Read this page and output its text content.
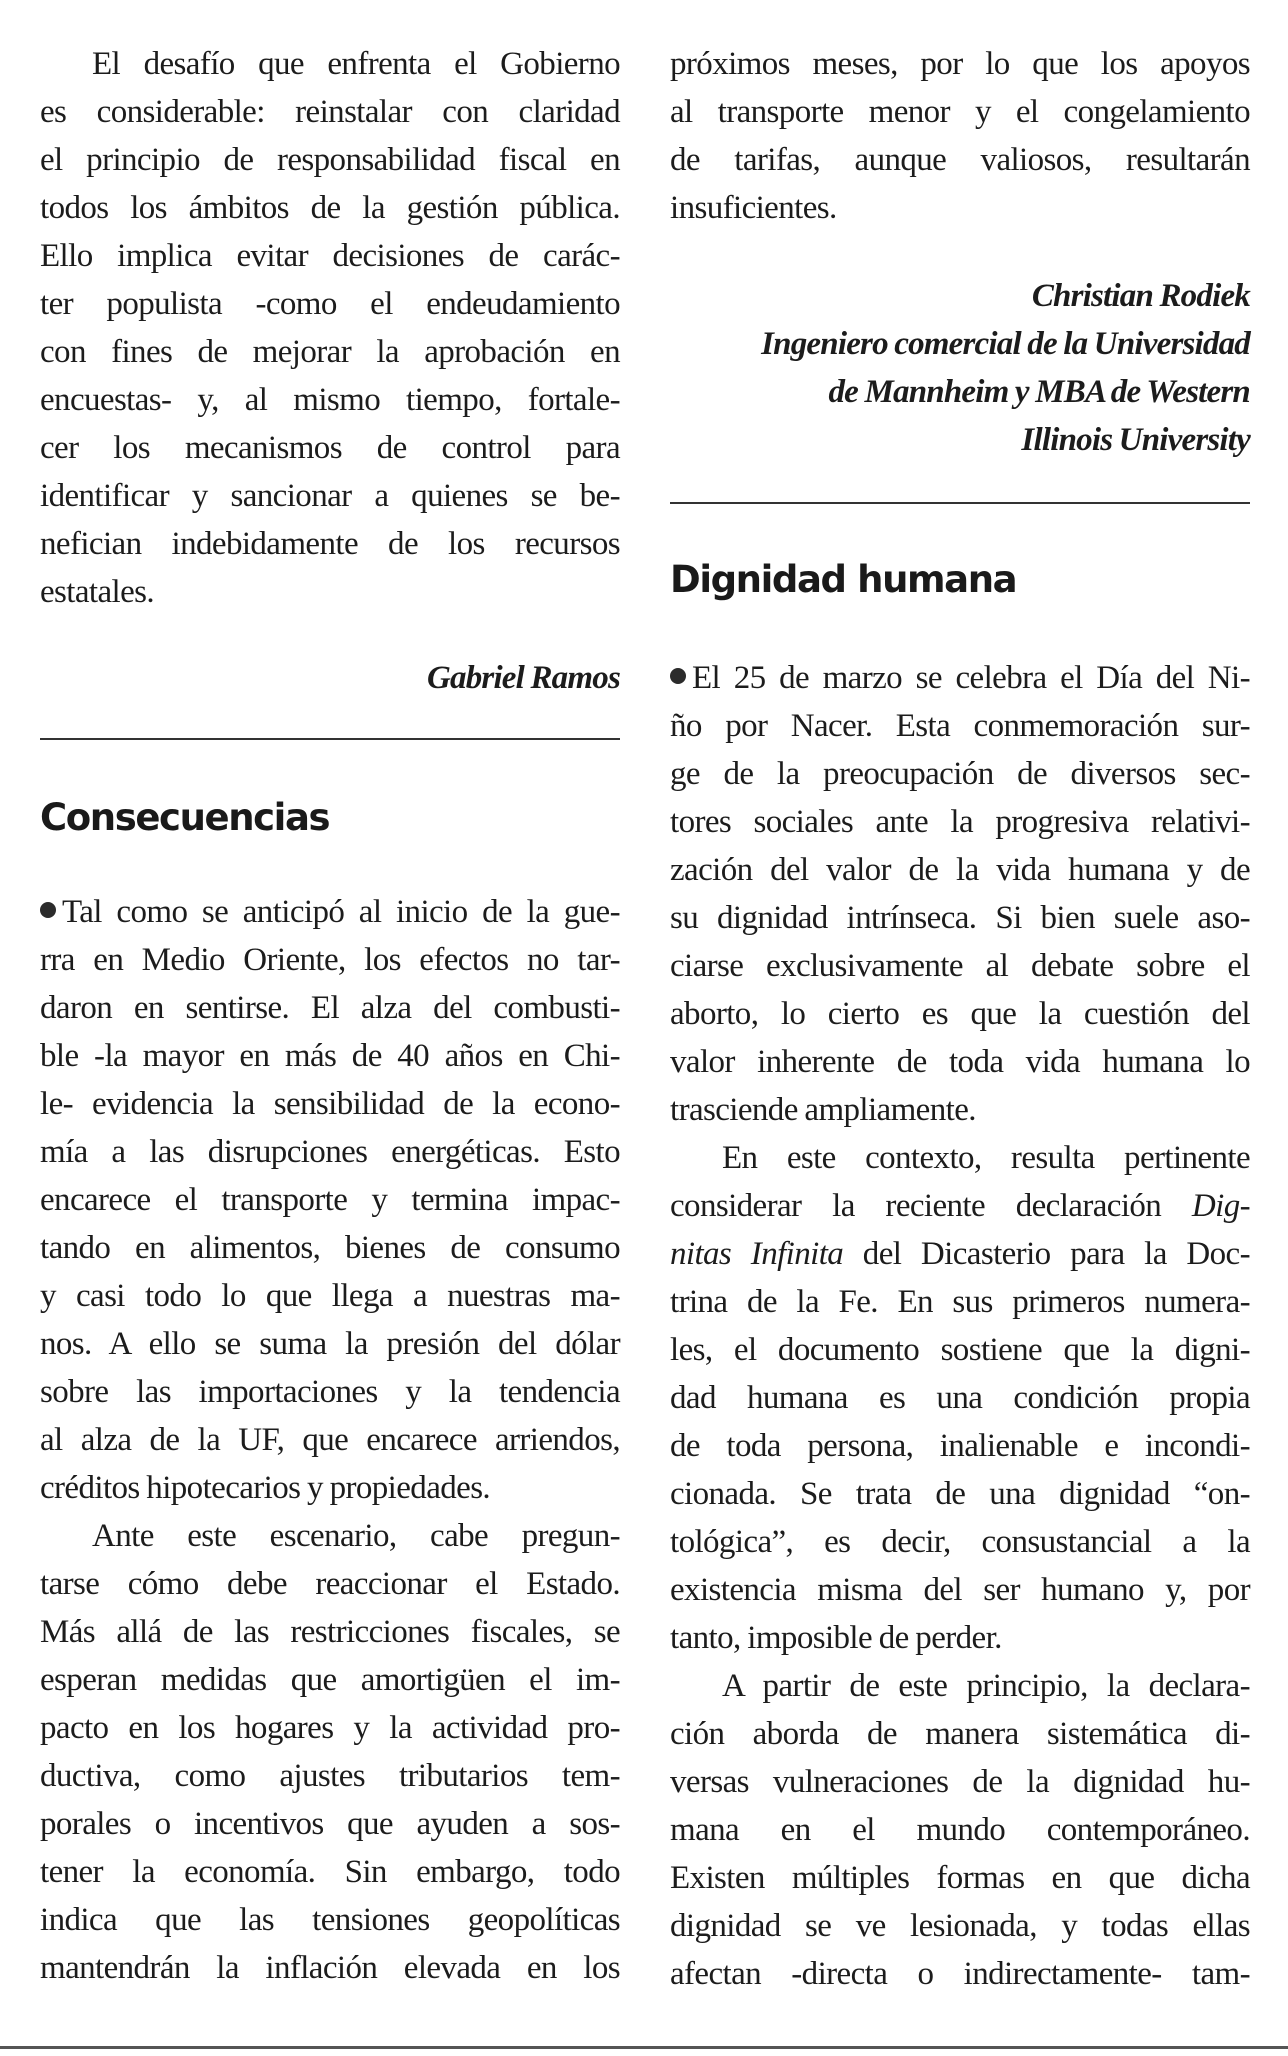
El desafío que enfrenta el Gobierno
es considerable: reinstalar con claridad
el principio de responsabilidad fiscal en
todos los ámbitos de la gestión pública.
Ello implica evitar decisiones de carác-
ter populista -como el endeudamiento
con fines de mejorar la aprobación en
encuestas- y, al mismo tiempo, fortale-
cer los mecanismos de control para
identificar y sancionar a quienes se be-
nefician indebidamente de los recursos
estatales.
Gabriel Ramos
Consecuencias
Tal como se anticipó al inicio de la gue-
rra en Medio Oriente, los efectos no tar-
daron en sentirse. El alza del combusti-
ble -la mayor en más de 40 años en Chi-
le- evidencia la sensibilidad de la econo-
mía a las disrupciones energéticas. Esto
encarece el transporte y termina impac-
tando en alimentos, bienes de consumo
y casi todo lo que llega a nuestras ma-
nos. A ello se suma la presión del dólar
sobre las importaciones y la tendencia
al alza de la UF, que encarece arriendos,
créditos hipotecarios y propiedades.
Ante este escenario, cabe pregun-
tarse cómo debe reaccionar el Estado.
Más allá de las restricciones fiscales, se
esperan medidas que amortigüen el im-
pacto en los hogares y la actividad pro-
ductiva, como ajustes tributarios tem-
porales o incentivos que ayuden a sos-
tener la economía. Sin embargo, todo
indica que las tensiones geopolíticas
mantendrán la inflación elevada en los
próximos meses, por lo que los apoyos
al transporte menor y el congelamiento
de tarifas, aunque valiosos, resultarán
insuficientes.
Christian Rodiek
Ingeniero comercial de la Universidad
de Mannheim y MBA de Western
Illinois University
Dignidad humana
El 25 de marzo se celebra el Día del Ni-
ño por Nacer. Esta conmemoración sur-
ge de la preocupación de diversos sec-
tores sociales ante la progresiva relativi-
zación del valor de la vida humana y de
su dignidad intrínseca. Si bien suele aso-
ciarse exclusivamente al debate sobre el
aborto, lo cierto es que la cuestión del
valor inherente de toda vida humana lo
trasciende ampliamente.
En este contexto, resulta pertinente
considerar la reciente declaración Dig-
nitas Infinita del Dicasterio para la Doc-
trina de la Fe. En sus primeros numera-
les, el documento sostiene que la digni-
dad humana es una condición propia
de toda persona, inalienable e incondi-
cionada. Se trata de una dignidad “on-
tológica”, es decir, consustancial a la
existencia misma del ser humano y, por
tanto, imposible de perder.
A partir de este principio, la declara-
ción aborda de manera sistemática di-
versas vulneraciones de la dignidad hu-
mana en el mundo contemporáneo.
Existen múltiples formas en que dicha
dignidad se ve lesionada, y todas ellas
afectan -directa o indirectamente- tam-
